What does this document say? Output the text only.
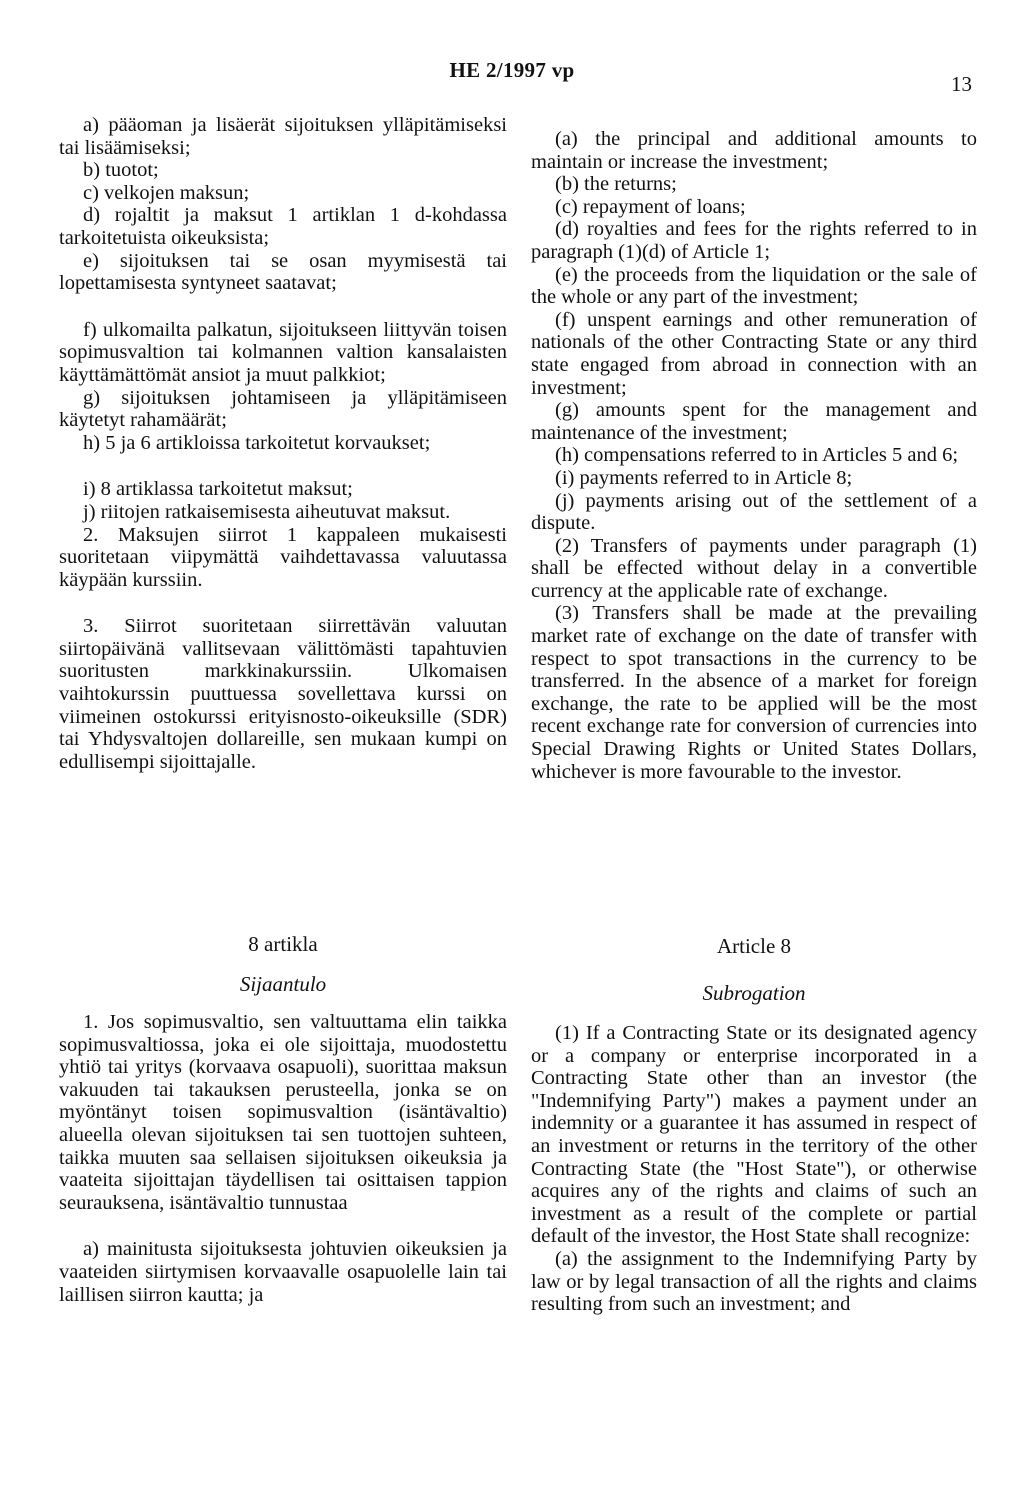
HE 2/1997 vp
13

a) pääoman ja lisäerät sijoituksen ylläpitämiseksi tai lisäämiseksi;

b) tuotot;

c) velkojen maksun;

d) rojaltit ja maksut 1 artiklan 1 d-kohdassa tarkoitetuista oikeuksista;

e) sijoituksen tai se osan myymisestä tai lopettamisesta syntyneet saatavat;

f) ulkomailta palkatun, sijoitukseen liittyvän toisen sopimusvaltion tai kolmannen valtion kansalaisten käyttämättömät ansiot ja muut palkkiot;

g) sijoituksen johtamiseen ja ylläpitämiseen käytetyt rahamäärät;

h) 5 ja 6 artikloissa tarkoitetut korvaukset;

i) 8 artiklassa tarkoitetut maksut;

j) riitojen ratkaisemisesta aiheutuvat maksut.

2. Maksujen siirrot 1 kappaleen mukaisesti suoritetaan viipymättä vaihdettavassa valuutassa käypään kurssiin.

3. Siirrot suoritetaan siirrettävän valuutan siirtopäivänä vallitsevaan välittömästi tapahtuvien suoritusten markkinakurssiin. Ulkomaisen vaihtokurssin puuttuessa sovellettava kurssi on viimeinen ostokurssi erityisnosto-oikeuksille (SDR) tai Yhdysvaltojen dollareille, sen mukaan kumpi on edullisempi sijoittajalle.

(a) the principal and additional amounts to maintain or increase the investment;

(b) the returns;

(c) repayment of loans;

(d) royalties and fees for the rights referred to in paragraph (1)(d) of Article 1;

(e) the proceeds from the liquidation or the sale of the whole or any part of the investment;

(f) unspent earnings and other remuneration of nationals of the other Contracting State or any third state engaged from abroad in connection with an investment;

(g) amounts spent for the management and maintenance of the investment;

(h) compensations referred to in Articles 5 and 6;

(i) payments referred to in Article 8;

(j) payments arising out of the settlement of a dispute.

(2) Transfers of payments under paragraph (1) shall be effected without delay in a convertible currency at the applicable rate of exchange.

(3) Transfers shall be made at the prevailing market rate of exchange on the date of transfer with respect to spot transactions in the currency to be transferred. In the absence of a market for foreign exchange, the rate to be applied will be the most recent exchange rate for conversion of currencies into Special Drawing Rights or United States Dollars, whichever is more favourable to the investor.

8 artikla
Sijaantulo
Article 8
Subrogation

1. Jos sopimusvaltio, sen valtuuttama elin taikka sopimusvaltiossa, joka ei ole sijoittaja, muodostettu yhtiö tai yritys (korvaava osapuoli), suorittaa maksun vakuuden tai takauksen perusteella, jonka se on myöntänyt toisen sopimusvaltion (isäntävaltio) alueella olevan sijoituksen tai sen tuottojen suhteen, taikka muuten saa sellaisen sijoituksen oikeuksia ja vaateita sijoittajan täydellisen tai osittaisen tappion seurauksena, isäntävaltio tunnustaa

a) mainitusta sijoituksesta johtuvien oikeuksien ja vaateiden siirtymisen korvaavalle osapuolelle lain tai laillisen siirron kautta; ja

(1) If a Contracting State or its designated agency or a company or enterprise incorporated in a Contracting State other than an investor (the "Indemnifying Party") makes a payment under an indemnity or a guarantee it has assumed in respect of an investment or returns in the territory of the other Contracting State (the "Host State"), or otherwise acquires any of the rights and claims of such an investment as a result of the complete or partial default of the investor, the Host State shall recognize:

(a) the assignment to the Indemnifying Party by law or by legal transaction of all the rights and claims resulting from such an investment; and
